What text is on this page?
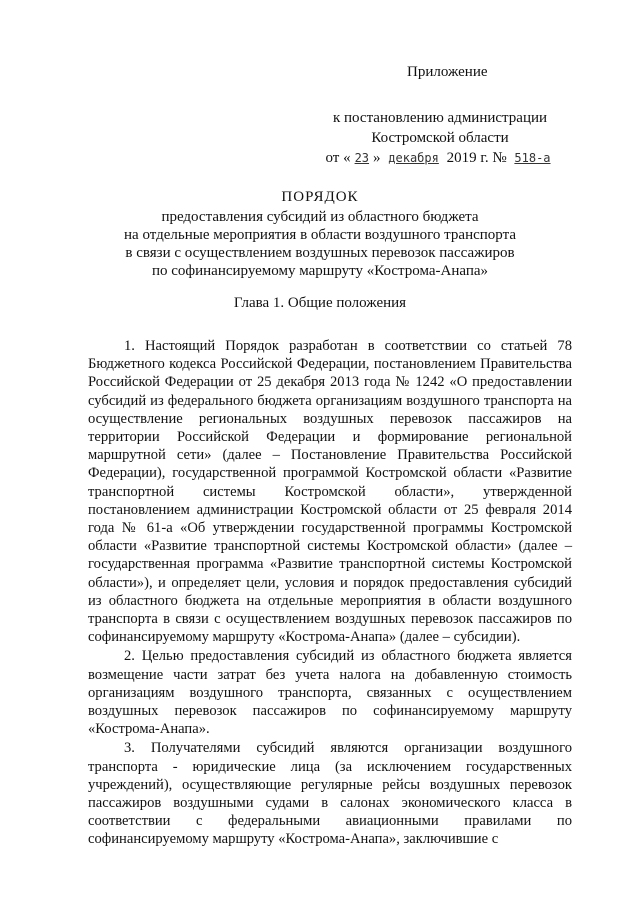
Приложение
к постановлению администрации
Костромской области
от « 23 » декабря 2019 г. № 518-а
ПОРЯДОК
предоставления субсидий из областного бюджета
на отдельные мероприятия в области воздушного транспорта
в связи с осуществлением воздушных перевозок пассажиров
по софинансируемому маршруту «Кострома-Анапа»
Глава 1. Общие положения

1. Настоящий Порядок разработан в соответствии со статьей 78 Бюджетного кодекса Российской Федерации, постановлением Правительства Российской Федерации от 25 декабря 2013 года № 1242 «О предоставлении субсидий из федерального бюджета организациям воздушного транспорта на осуществление региональных воздушных перевозок пассажиров на территории Российской Федерации и формирование региональной маршрутной сети» (далее – Постановление Правительства Российской Федерации), государственной программой Костромской области «Развитие транспортной системы Костромской области», утвержденной постановлением администрации Костромской области от 25 февраля 2014 года № 61-а «Об утверждении государственной программы Костромской области «Развитие транспортной системы Костромской области» (далее – государственная программа «Развитие транспортной системы Костромской области»), и определяет цели, условия и порядок предоставления субсидий из областного бюджета на отдельные мероприятия в области воздушного транспорта в связи с осуществлением воздушных перевозок пассажиров по софинансируемому маршруту «Кострома-Анапа» (далее – субсидии).

2. Целью предоставления субсидий из областного бюджета является возмещение части затрат без учета налога на добавленную стоимость организациям воздушного транспорта, связанных с осуществлением воздушных перевозок пассажиров по софинансируемому маршруту «Кострома-Анапа».

3. Получателями субсидий являются организации воздушного транспорта - юридические лица (за исключением государственных учреждений), осуществляющие регулярные рейсы воздушных перевозок пассажиров воздушными судами в салонах экономического класса в соответствии с федеральными авиационными правилами по софинансируемому маршруту «Кострома-Анапа», заключившие с
